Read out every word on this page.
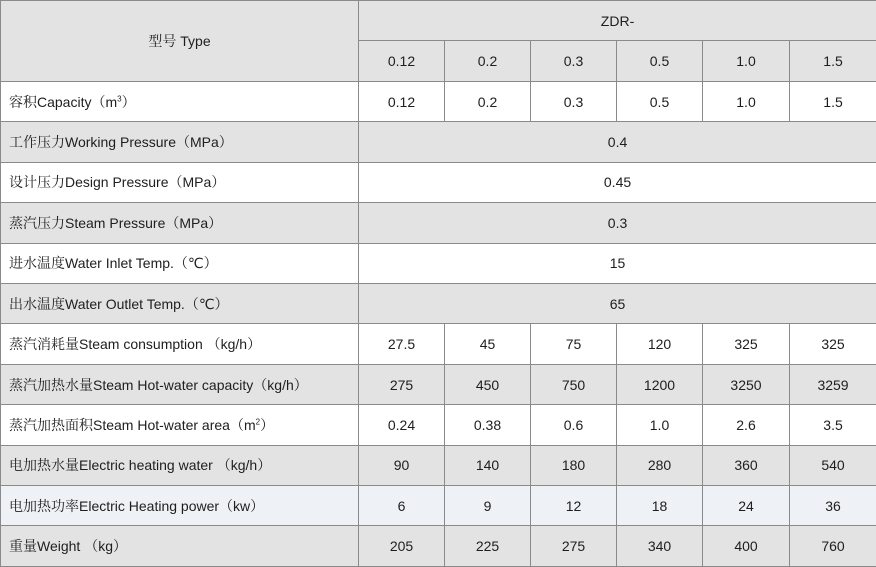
型号 Type	ZDR-					
	0.12	0.2	0.3	0.5	1.0	1.5
容积$Capacity(m^3)$	0.12	0.2	0.3	0.5	1.0	1.5
工作压力Working Pressure（MPa）	0.4					
设计压力Design Pressure（MPa）	0.45					
蒸汽压力Steam Pressure（MPa）	0.3					
进水温度Water Inlet Temp.（℃）	15					
出水温度Water Outlet Temp.（℃）	65					
蒸汽消耗量Steam consumption （kg/h）	27.5	45	75	120	325	325
蒸汽加热水量Steam Hot-water capacity（kg/h）	275	450	750	1200	3250	3259
蒸汽加热面积Steam Hot-water $area(m^2)$	0.24	0.38	0.6	1.0	2.6	3.5
电加热水量Electric heating water （kg/h）	90	140	180	280	360	540
电加热功率Electric Heating power（kw）	6	9	12	18	24	36
重量Weight （kg）	205	225	275	340	400	760
